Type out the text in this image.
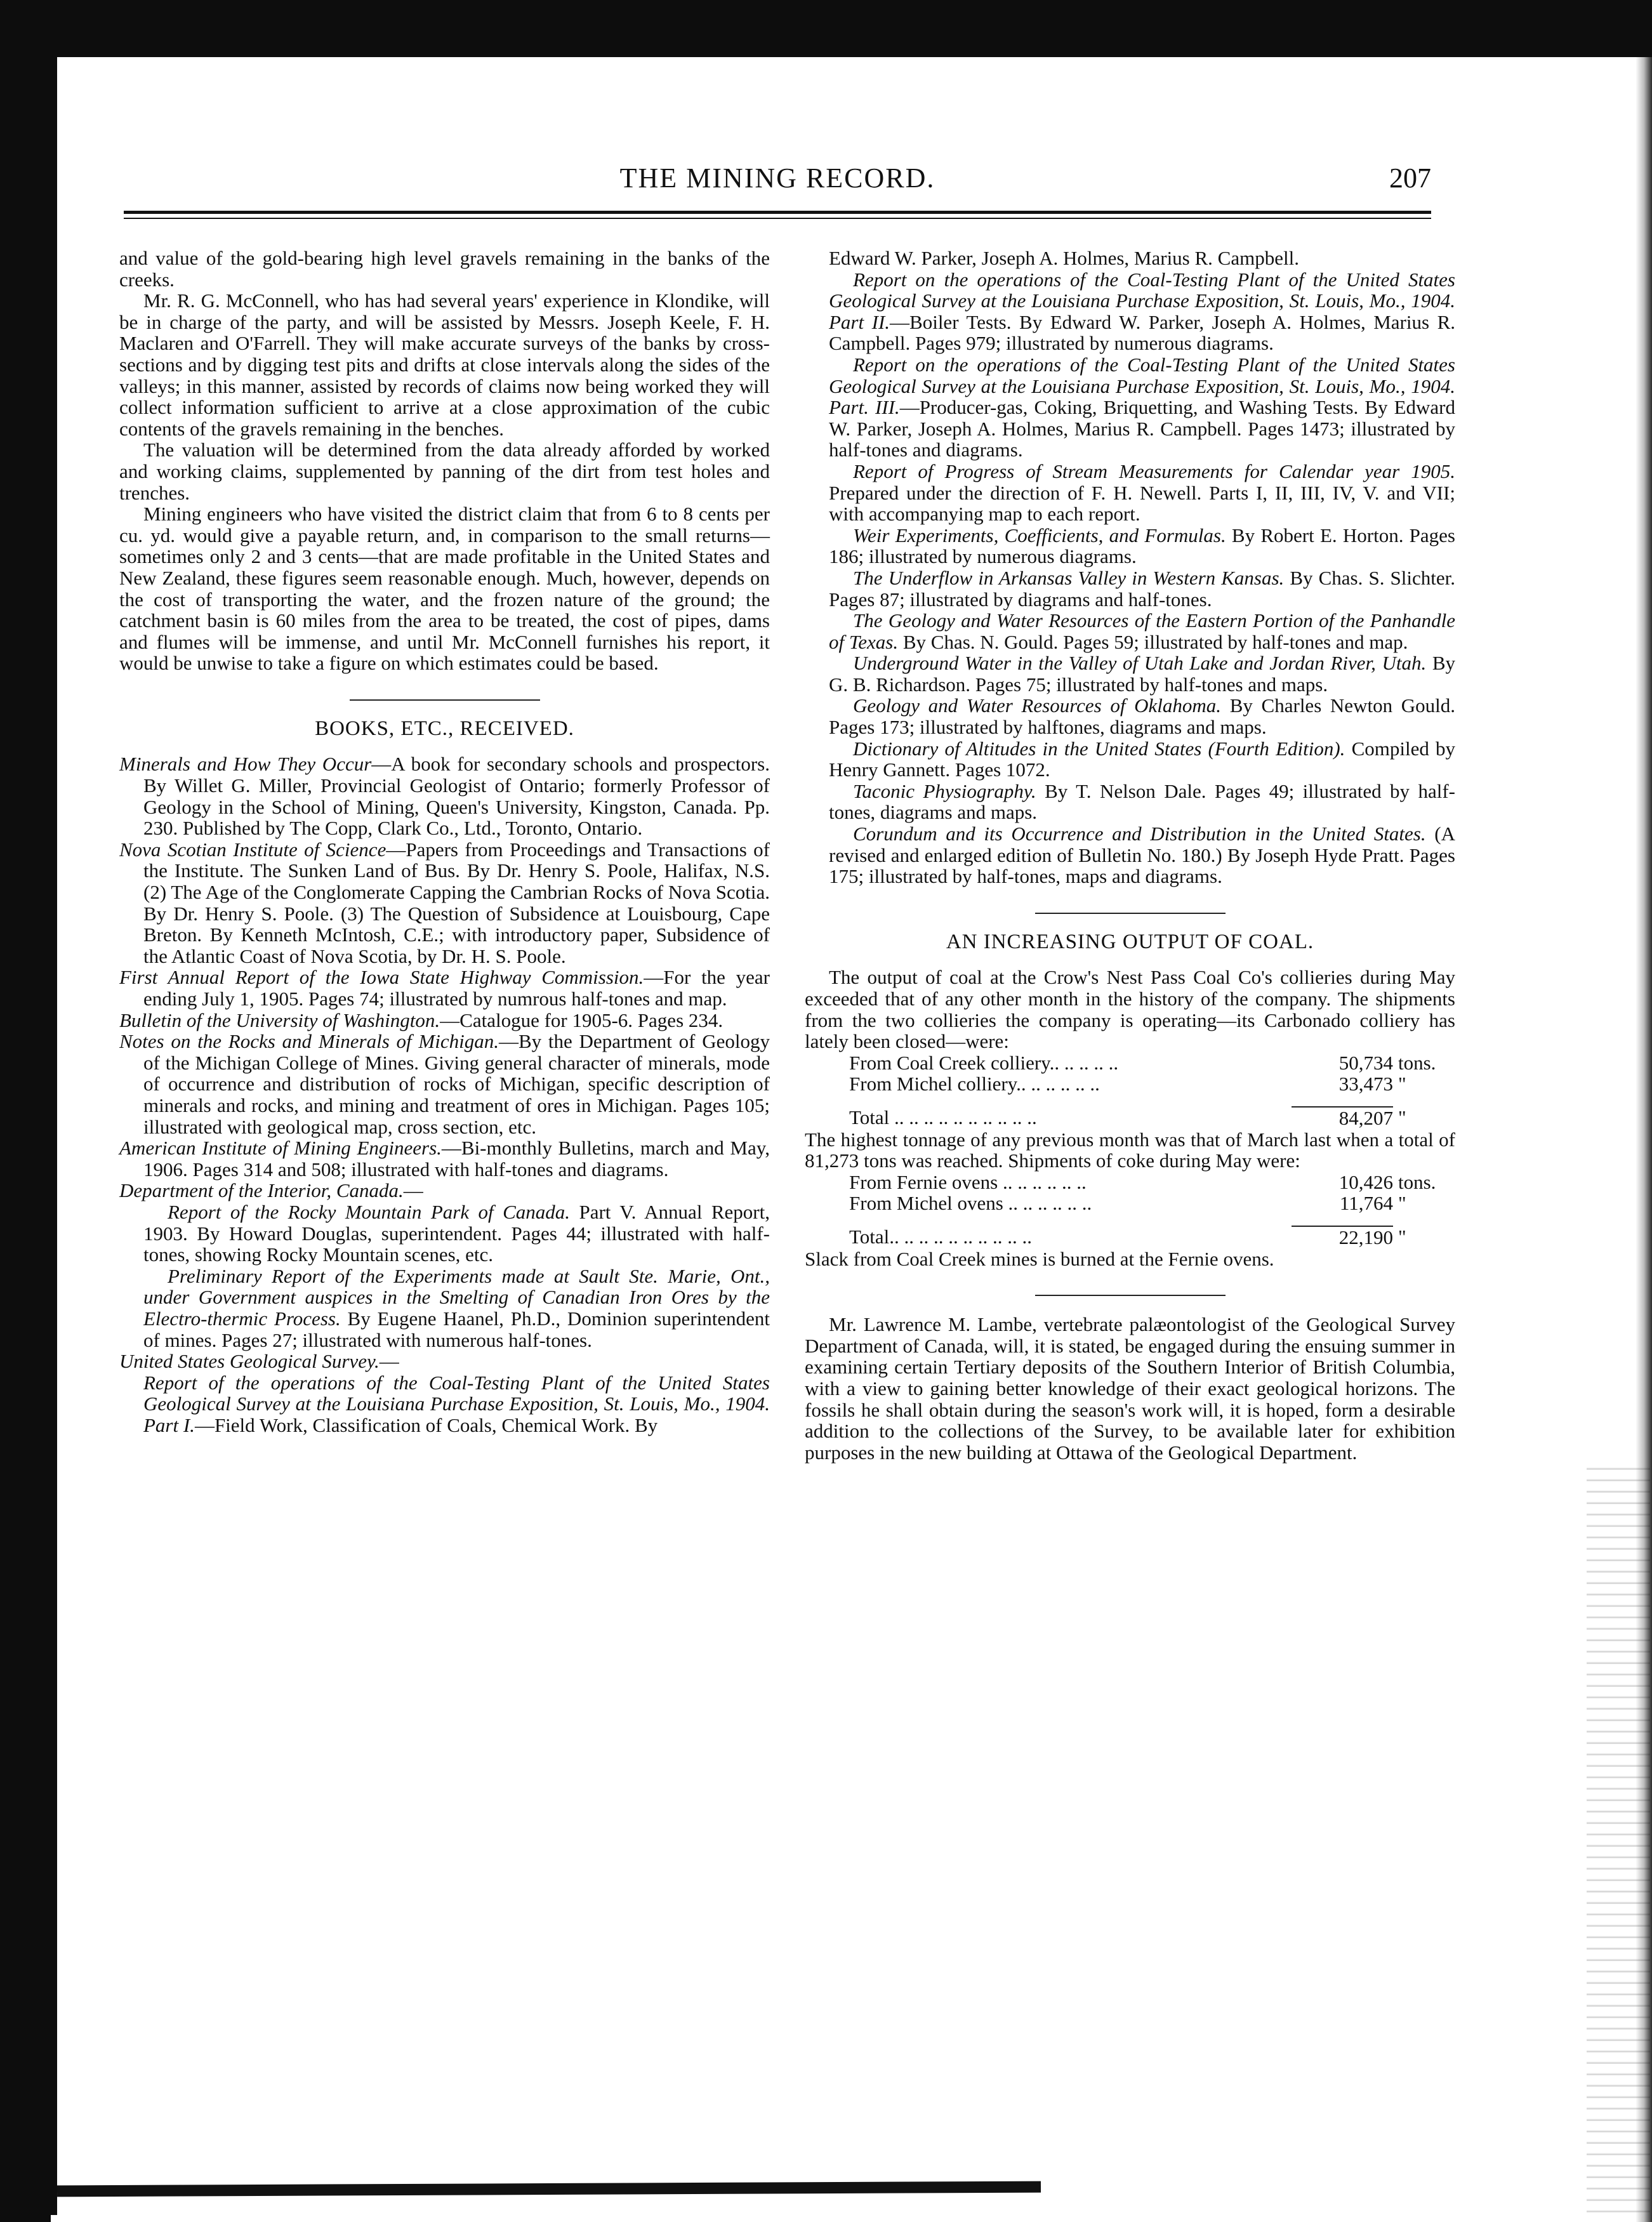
THE MINING RECORD.	207

and value of the gold-bearing high level gravels remaining in the banks of the creeks.

Mr. R. G. McConnell, who has had several years' experience in Klondike, will be in charge of the party, and will be assisted by Messrs. Joseph Keele, F. H. Maclaren and O'Farrell. They will make accurate surveys of the banks by cross-sections and by digging test pits and drifts at close intervals along the sides of the valleys; in this manner, assisted by records of claims now being worked they will collect information sufficient to arrive at a close approximation of the cubic contents of the gravels remaining in the benches.

The valuation will be determined from the data already afforded by worked and working claims, supplemented by panning of the dirt from test holes and trenches.

Mining engineers who have visited the district claim that from 6 to 8 cents per cu. yd. would give a payable return, and, in comparison to the small returns—sometimes only 2 and 3 cents—that are made profitable in the United States and New Zealand, these figures seem reasonable enough. Much, however, depends on the cost of transporting the water, and the frozen nature of the ground; the catchment basin is 60 miles from the area to be treated, the cost of pipes, dams and flumes will be immense, and until Mr. McConnell furnishes his report, it would be unwise to take a figure on which estimates could be based.

BOOKS, ETC., RECEIVED.

Minerals and How They Occur—A book for secondary schools and prospectors. By Willet G. Miller, Provincial Geologist of Ontario; formerly Professor of Geology in the School of Mining, Queen's University, Kingston, Canada. Pp. 230. Published by The Copp, Clark Co., Ltd., Toronto, Ontario.

Nova Scotian Institute of Science—Papers from Proceedings and Transactions of the Institute. The Sunken Land of Bus. By Dr. Henry S. Poole, Halifax, N.S. (2) The Age of the Conglomerate Capping the Cambrian Rocks of Nova Scotia. By Dr. Henry S. Poole. (3) The Question of Subsidence at Louisbourg, Cape Breton. By Kenneth McIntosh, C.E.; with introductory paper, Subsidence of the Atlantic Coast of Nova Scotia, by Dr. H. S. Poole.

First Annual Report of the Iowa State Highway Commission.—For the year ending July 1, 1905. Pages 74; illustrated by numrous half-tones and map.

Bulletin of the University of Washington.—Catalogue for 1905-6. Pages 234.

Notes on the Rocks and Minerals of Michigan.—By the Department of Geology of the Michigan College of Mines. Giving general character of minerals, mode of occurrence and distribution of rocks of Michigan, specific description of minerals and rocks, and mining and treatment of ores in Michigan. Pages 105; illustrated with geological map, cross section, etc.

American Institute of Mining Engineers.—Bi-monthly Bulletins, march and May, 1906. Pages 314 and 508; illustrated with half-tones and diagrams.

Department of the Interior, Canada.—

Report of the Rocky Mountain Park of Canada. Part V. Annual Report, 1903. By Howard Douglas, superintendent. Pages 44; illustrated with half-tones, showing Rocky Mountain scenes, etc.

Preliminary Report of the Experiments made at Sault Ste. Marie, Ont., under Government auspices in the Smelting of Canadian Iron Ores by the Electro-thermic Process. By Eugene Haanel, Ph.D., Dominion superintendent of mines. Pages 27; illustrated with numerous half-tones.

United States Geological Survey.—

Report of the operations of the Coal-Testing Plant of the United States Geological Survey at the Louisiana Purchase Exposition, St. Louis, Mo., 1904. Part I.—Field Work, Classification of Coals, Chemical Work. By

Edward W. Parker, Joseph A. Holmes, Marius R. Campbell.

Report on the operations of the Coal-Testing Plant of the United States Geological Survey at the Louisiana Purchase Exposition, St. Louis, Mo., 1904. Part II.—Boiler Tests. By Edward W. Parker, Joseph A. Holmes, Marius R. Campbell. Pages 979; illustrated by numerous diagrams.

Report on the operations of the Coal-Testing Plant of the United States Geological Survey at the Louisiana Purchase Exposition, St. Louis, Mo., 1904. Part. III.—Producer-gas, Coking, Briquetting, and Washing Tests. By Edward W. Parker, Joseph A. Holmes, Marius R. Campbell. Pages 1473; illustrated by half-tones and diagrams.

Report of Progress of Stream Measurements for Calendar year 1905. Prepared under the direction of F. H. Newell. Parts I, II, III, IV, V. and VII; with accompanying map to each report.

Weir Experiments, Coefficients, and Formulas. By Robert E. Horton. Pages 186; illustrated by numerous diagrams.

The Underflow in Arkansas Valley in Western Kansas. By Chas. S. Slichter. Pages 87; illustrated by diagrams and half-tones.

The Geology and Water Resources of the Eastern Portion of the Panhandle of Texas. By Chas. N. Gould. Pages 59; illustrated by half-tones and map.

Underground Water in the Valley of Utah Lake and Jordan River, Utah. By G. B. Richardson. Pages 75; illustrated by half-tones and maps.

Geology and Water Resources of Oklahoma. By Charles Newton Gould. Pages 173; illustrated by halftones, diagrams and maps.

Dictionary of Altitudes in the United States (Fourth Edition). Compiled by Henry Gannett. Pages 1072.

Taconic Physiography. By T. Nelson Dale. Pages 49; illustrated by half-tones, diagrams and maps.

Corundum and its Occurrence and Distribution in the United States. (A revised and enlarged edition of Bulletin No. 180.) By Joseph Hyde Pratt. Pages 175; illustrated by half-tones, maps and diagrams.

AN INCREASING OUTPUT OF COAL.

The output of coal at the Crow's Nest Pass Coal Co's collieries during May exceeded that of any other month in the history of the company. The shipments from the two collieries the company is operating—its Carbonado colliery has lately been closed—were:

From Coal Creek colliery.. .. .. .. ..	50,734	tons.
From Michel colliery.. .. .. .. .. ..	33,473	"

Total .. .. .. .. .. .. .. .. .. ..	84,207	"

The highest tonnage of any previous month was that of March last when a total of 81,273 tons was reached. Shipments of coke during May were:

From Fernie ovens .. .. .. .. .. ..	10,426	tons.
From Michel ovens .. .. .. .. .. ..	11,764	"

Total.. .. .. .. .. .. .. .. .. ..	22,190	"

Slack from Coal Creek mines is burned at the Fernie ovens.

Mr. Lawrence M. Lambe, vertebrate palæontologist of the Geological Survey Department of Canada, will, it is stated, be engaged during the ensuing summer in examining certain Tertiary deposits of the Southern Interior of British Columbia, with a view to gaining better knowledge of their exact geological horizons. The fossils he shall obtain during the season's work will, it is hoped, form a desirable addition to the collections of the Survey, to be available later for exhibition purposes in the new building at Ottawa of the Geological Department.
